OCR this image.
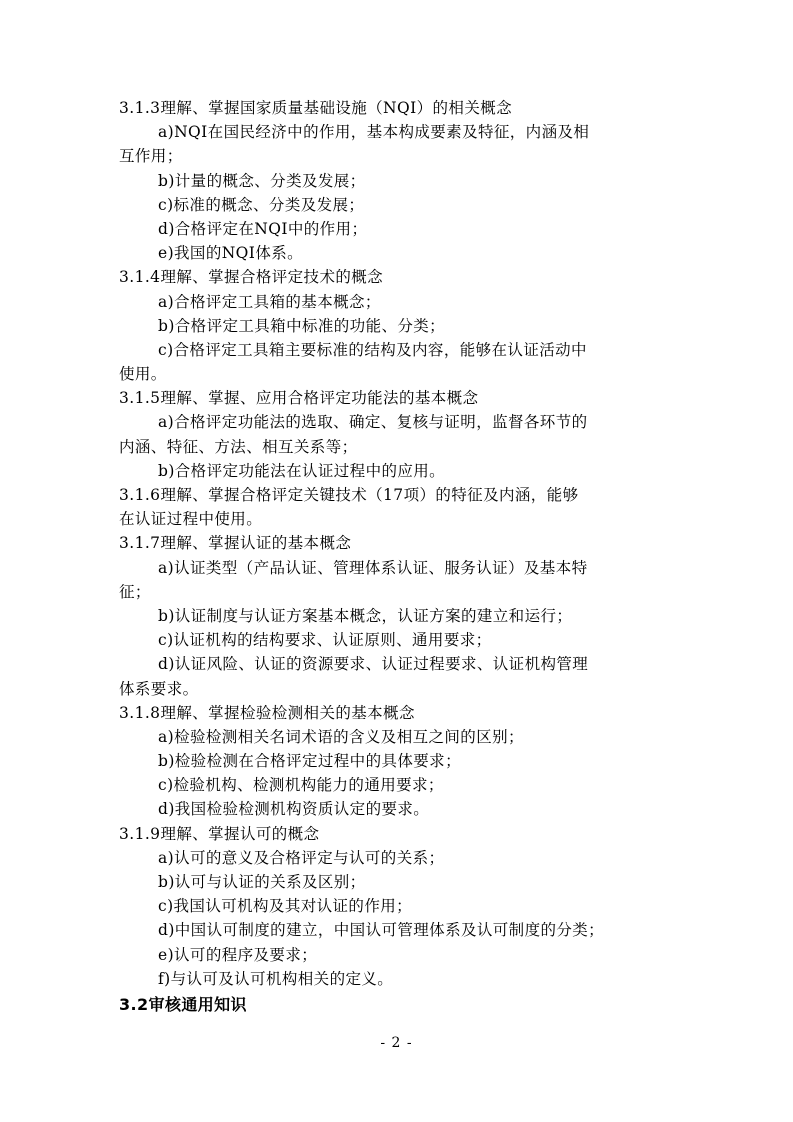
3.1.3理解、掌握国家质量基础设施（NQI）的相关概念
a)NQI在国民经济中的作用，基本构成要素及特征，内涵及相
互作用；
b)计量的概念、分类及发展；
c)标准的概念、分类及发展；
d)合格评定在NQI中的作用；
e)我国的NQI体系。
3.1.4理解、掌握合格评定技术的概念
a)合格评定工具箱的基本概念；
b)合格评定工具箱中标准的功能、分类；
c)合格评定工具箱主要标准的结构及内容，能够在认证活动中
使用。
3.1.5理解、掌握、应用合格评定功能法的基本概念
a)合格评定功能法的选取、确定、复核与证明，监督各环节的
内涵、特征、方法、相互关系等；
b)合格评定功能法在认证过程中的应用。
3.1.6理解、掌握合格评定关键技术（17项）的特征及内涵，能够
在认证过程中使用。
3.1.7理解、掌握认证的基本概念
a)认证类型（产品认证、管理体系认证、服务认证）及基本特
征；
b)认证制度与认证方案基本概念，认证方案的建立和运行；
c)认证机构的结构要求、认证原则、通用要求；
d)认证风险、认证的资源要求、认证过程要求、认证机构管理
体系要求。
3.1.8理解、掌握检验检测相关的基本概念
a)检验检测相关名词术语的含义及相互之间的区别；
b)检验检测在合格评定过程中的具体要求；
c)检验机构、检测机构能力的通用要求；
d)我国检验检测机构资质认定的要求。
3.1.9理解、掌握认可的概念
a)认可的意义及合格评定与认可的关系；
b)认可与认证的关系及区别；
c)我国认可机构及其对认证的作用；
d)中国认可制度的建立，中国认可管理体系及认可制度的分类；
e)认可的程序及要求；
f)与认可及认可机构相关的定义。
3.2审核通用知识
- 2 -
